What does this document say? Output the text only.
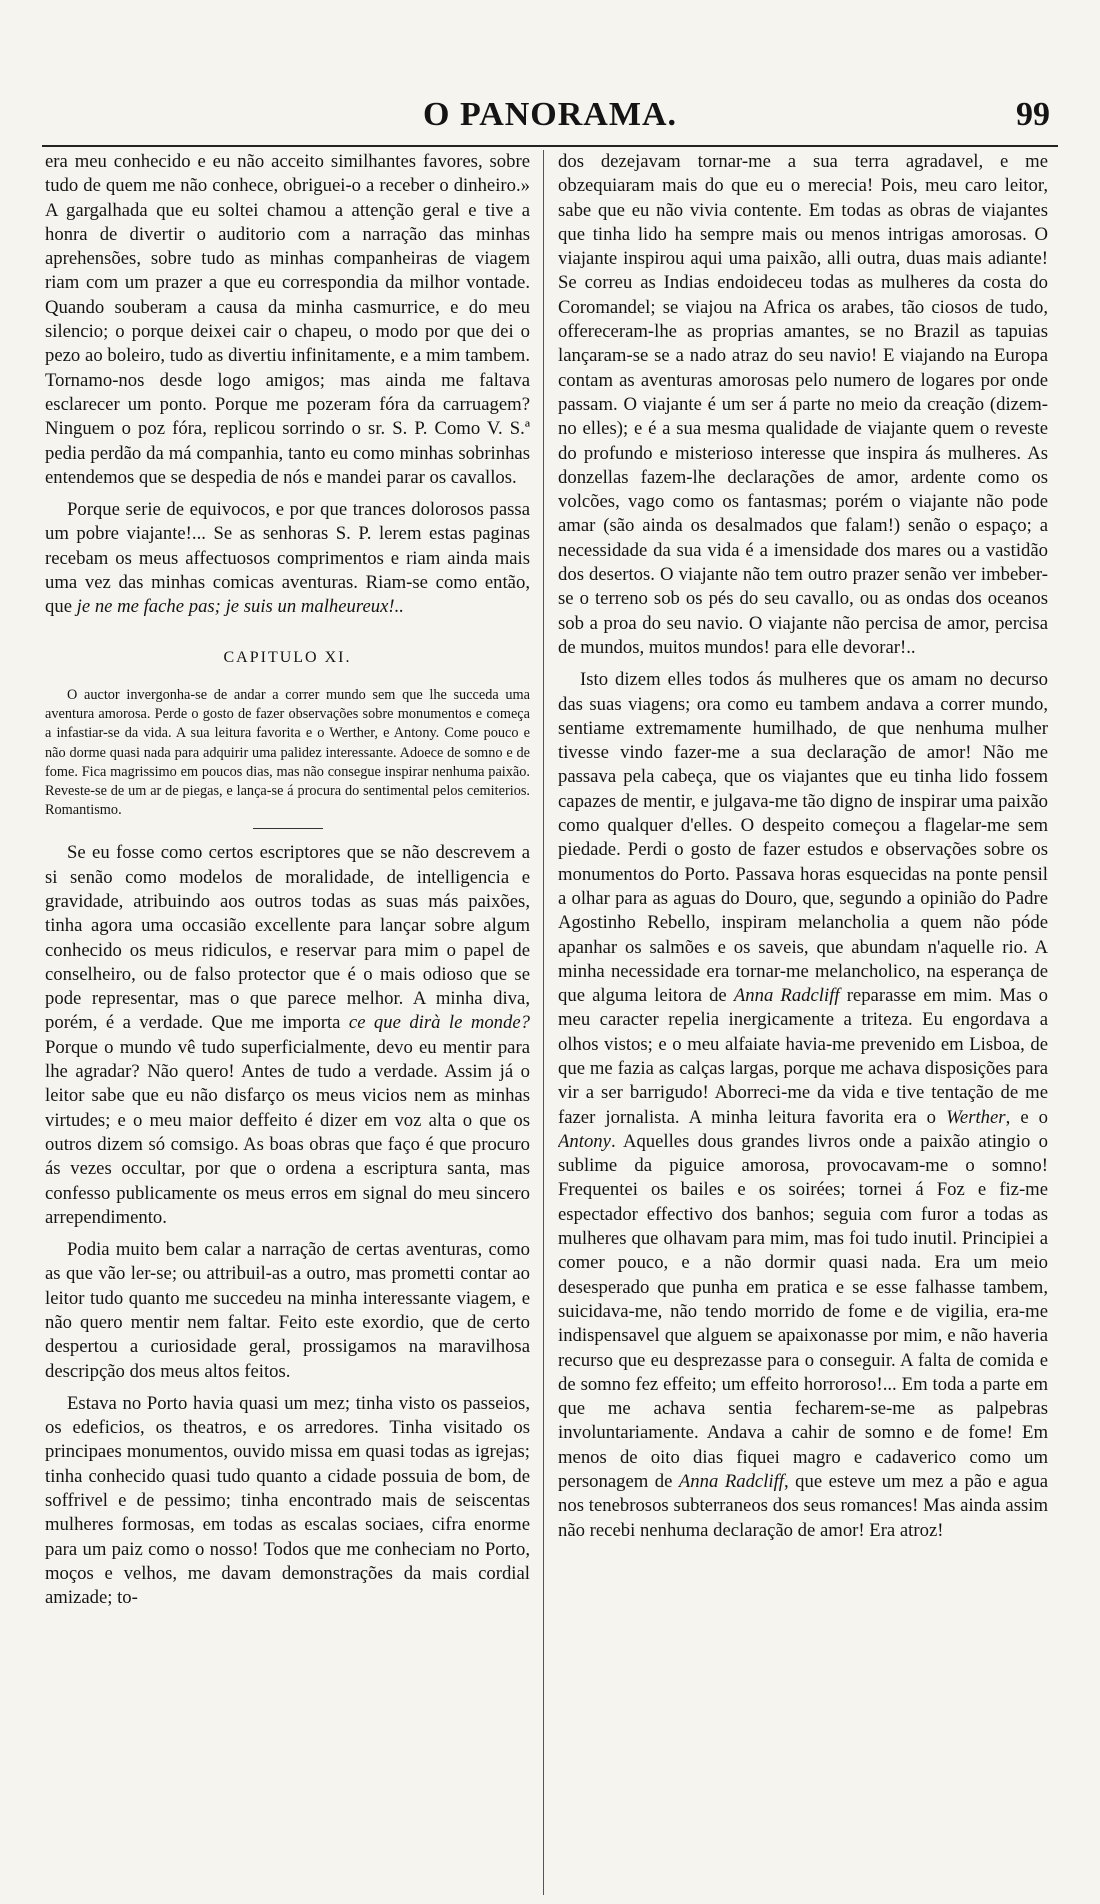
O PANORAMA.	99

era meu conhecido e eu não acceito similhantes favores, sobre tudo de quem me não conhece, obriguei-o a receber o dinheiro.» A gargalhada que eu soltei chamou a attenção geral e tive a honra de divertir o auditorio com a narração das minhas aprehensões, sobre tudo as minhas companheiras de viagem riam com um prazer a que eu correspondia da milhor vontade. Quando souberam a causa da minha casmurrice, e do meu silencio; o porque deixei cair o chapeu, o modo por que dei o pezo ao boleiro, tudo as divertiu infinitamente, e a mim tambem. Tornamo-nos desde logo amigos; mas ainda me faltava esclarecer um ponto. Porque me pozeram fóra da carruagem? Ninguem o poz fóra, replicou sorrindo o sr. S. P. Como V. S.ª pedia perdão da má companhia, tanto eu como minhas sobrinhas entendemos que se despedia de nós e mandei parar os cavallos.

Porque serie de equivocos, e por que trances dolorosos passa um pobre viajante!... Se as senhoras S. P. lerem estas paginas recebam os meus affectuosos comprimentos e riam ainda mais uma vez das minhas comicas aventuras. Riam-se como então, que je ne me fache pas; je suis un malheureux!..

CAPITULO XI.

O auctor invergonha-se de andar a correr mundo sem que lhe succeda uma aventura amorosa. Perde o gosto de fazer observações sobre monumentos e começa a infastiar-se da vida. A sua leitura favorita e o Werther, e Antony. Come pouco e não dorme quasi nada para adquirir uma palidez interessante. Adoece de somno e de fome. Fica magrissimo em poucos dias, mas não consegue inspirar nenhuma paixão. Reveste-se de um ar de piegas, e lança-se á procura do sentimental pelos cemiterios. Romantismo.

Se eu fosse como certos escriptores que se não descrevem a si senão como modelos de moralidade, de intelligencia e gravidade, atribuindo aos outros todas as suas más paixões, tinha agora uma occasião excellente para lançar sobre algum conhecido os meus ridiculos, e reservar para mim o papel de conselheiro, ou de falso protector que é o mais odioso que se pode representar, mas o que parece melhor. A minha diva, porém, é a verdade. Que me importa ce que dirà le monde? Porque o mundo vê tudo superficialmente, devo eu mentir para lhe agradar? Não quero! Antes de tudo a verdade. Assim já o leitor sabe que eu não disfarço os meus vicios nem as minhas virtudes; e o meu maior deffeito é dizer em voz alta o que os outros dizem só comsigo. As boas obras que faço é que procuro ás vezes occultar, por que o ordena a escriptura santa, mas confesso publicamente os meus erros em signal do meu sincero arrependimento.

Podia muito bem calar a narração de certas aventuras, como as que vão ler-se; ou attribuil-as a outro, mas prometti contar ao leitor tudo quanto me succedeu na minha interessante viagem, e não quero mentir nem faltar. Feito este exordio, que de certo despertou a curiosidade geral, prossigamos na maravilhosa descripção dos meus altos feitos.

Estava no Porto havia quasi um mez; tinha visto os passeios, os edeficios, os theatros, e os arredores. Tinha visitado os principaes monumentos, ouvido missa em quasi todas as igrejas; tinha conhecido quasi tudo quanto a cidade possuia de bom, de soffrivel e de pessimo; tinha encontrado mais de seiscentas mulheres formosas, em todas as escalas sociaes, cifra enorme para um paiz como o nosso! Todos que me conheciam no Porto, moços e velhos, me davam demonstrações da mais cordial amizade; to-

dos dezejavam tornar-me a sua terra agradavel, e me obzequiaram mais do que eu o merecia! Pois, meu caro leitor, sabe que eu não vivia contente. Em todas as obras de viajantes que tinha lido ha sempre mais ou menos intrigas amorosas. O viajante inspirou aqui uma paixão, alli outra, duas mais adiante! Se correu as Indias endoideceu todas as mulheres da costa do Coromandel; se viajou na Africa os arabes, tão ciosos de tudo, offereceram-lhe as proprias amantes, se no Brazil as tapuias lançaram-se se a nado atraz do seu navio! E viajando na Europa contam as aventuras amorosas pelo numero de logares por onde passam. O viajante é um ser á parte no meio da creação (dizem-no elles); e é a sua mesma qualidade de viajante quem o reveste do profundo e misterioso interesse que inspira ás mulheres. As donzellas fazem-lhe declarações de amor, ardente como os volcões, vago como os fantasmas; porém o viajante não pode amar (são ainda os desalmados que falam!) senão o espaço; a necessidade da sua vida é a imensidade dos mares ou a vastidão dos desertos. O viajante não tem outro prazer senão ver imbeber-se o terreno sob os pés do seu cavallo, ou as ondas dos oceanos sob a proa do seu navio. O viajante não percisa de amor, percisa de mundos, muitos mundos! para elle devorar!..

Isto dizem elles todos ás mulheres que os amam no decurso das suas viagens; ora como eu tambem andava a correr mundo, sentiame extremamente humilhado, de que nenhuma mulher tivesse vindo fazer-me a sua declaração de amor! Não me passava pela cabeça, que os viajantes que eu tinha lido fossem capazes de mentir, e julgava-me tão digno de inspirar uma paixão como qualquer d'elles. O despeito começou a flagelar-me sem piedade. Perdi o gosto de fazer estudos e observações sobre os monumentos do Porto. Passava horas esquecidas na ponte pensil a olhar para as aguas do Douro, que, segundo a opinião do Padre Agostinho Rebello, inspiram melancholia a quem não póde apanhar os salmões e os saveis, que abundam n'aquelle rio. A minha necessidade era tornar-me melancholico, na esperança de que alguma leitora de Anna Radcliff reparasse em mim. Mas o meu caracter repelia inergicamente a triteza. Eu engordava a olhos vistos; e o meu alfaiate havia-me prevenido em Lisboa, de que me fazia as calças largas, porque me achava disposições para vir a ser barrigudo! Aborreci-me da vida e tive tentação de me fazer jornalista. A minha leitura favorita era o Werther, e o Antony. Aquelles dous grandes livros onde a paixão atingio o sublime da piguice amorosa, provocavam-me o somno! Frequentei os bailes e os soirées; tornei á Foz e fiz-me espectador effectivo dos banhos; seguia com furor a todas as mulheres que olhavam para mim, mas foi tudo inutil. Principiei a comer pouco, e a não dormir quasi nada. Era um meio desesperado que punha em pratica e se esse falhasse tambem, suicidava-me, não tendo morrido de fome e de vigilia, era-me indispensavel que alguem se apaixonasse por mim, e não haveria recurso que eu desprezasse para o conseguir. A falta de comida e de somno fez effeito; um effeito horroroso!... Em toda a parte em que me achava sentia fecharem-se-me as palpebras involuntariamente. Andava a cahir de somno e de fome! Em menos de oito dias fiquei magro e cadaverico como um personagem de Anna Radcliff, que esteve um mez a pão e agua nos tenebrosos subterraneos dos seus romances! Mas ainda assim não recebi nenhuma declaração de amor! Era atroz!
